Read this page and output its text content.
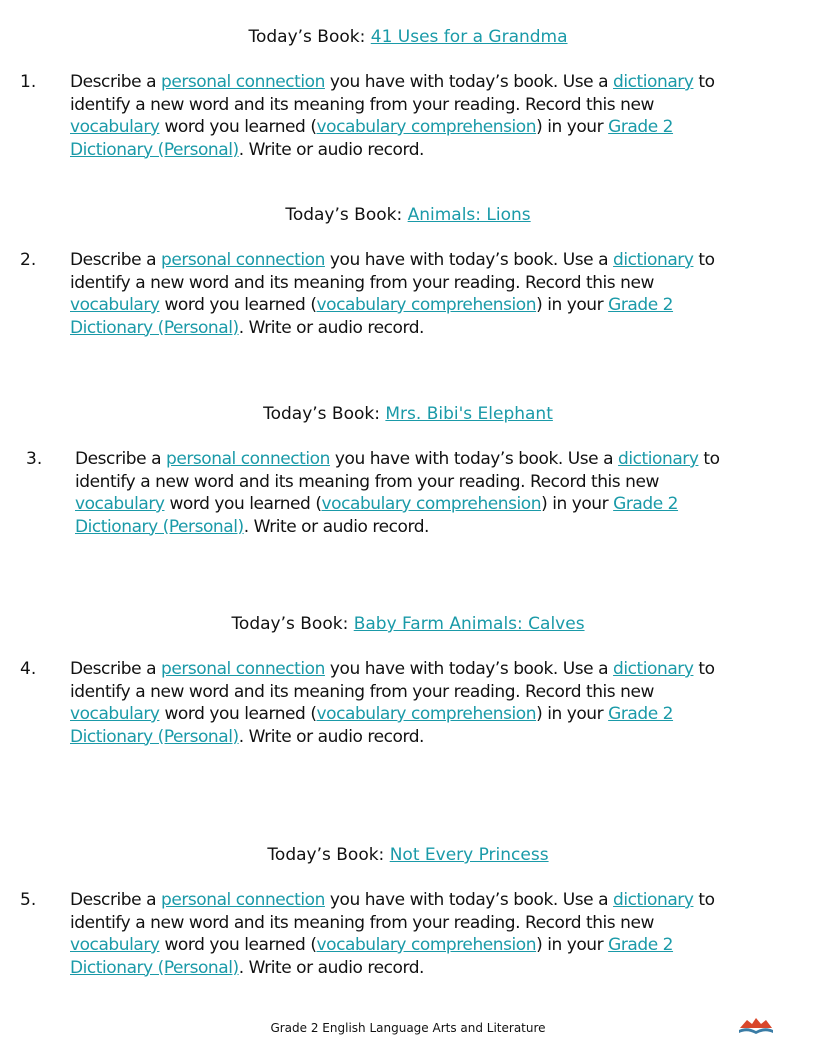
Today’s Book: 41 Uses for a Grandma
1. Describe a personal connection you have with today’s book. Use a dictionary to
identify a new word and its meaning from your reading. Record this new
vocabulary word you learned (vocabulary comprehension) in your Grade 2
Dictionary (Personal). Write or audio record.
Today’s Book: Animals: Lions
2. Describe a personal connection you have with today’s book. Use a dictionary to
identify a new word and its meaning from your reading. Record this new
vocabulary word you learned (vocabulary comprehension) in your Grade 2
Dictionary (Personal). Write or audio record.
Today’s Book: Mrs. Bibi's Elephant
3. Describe a personal connection you have with today’s book. Use a dictionary to
identify a new word and its meaning from your reading. Record this new
vocabulary word you learned (vocabulary comprehension) in your Grade 2
Dictionary (Personal). Write or audio record.
Today’s Book: Baby Farm Animals: Calves
4. Describe a personal connection you have with today’s book. Use a dictionary to
identify a new word and its meaning from your reading. Record this new
vocabulary word you learned (vocabulary comprehension) in your Grade 2
Dictionary (Personal). Write or audio record.
Today’s Book: Not Every Princess
5. Describe a personal connection you have with today’s book. Use a dictionary to
identify a new word and its meaning from your reading. Record this new
vocabulary word you learned (vocabulary comprehension) in your Grade 2
Dictionary (Personal). Write or audio record.
Grade 2 English Language Arts and Literature
